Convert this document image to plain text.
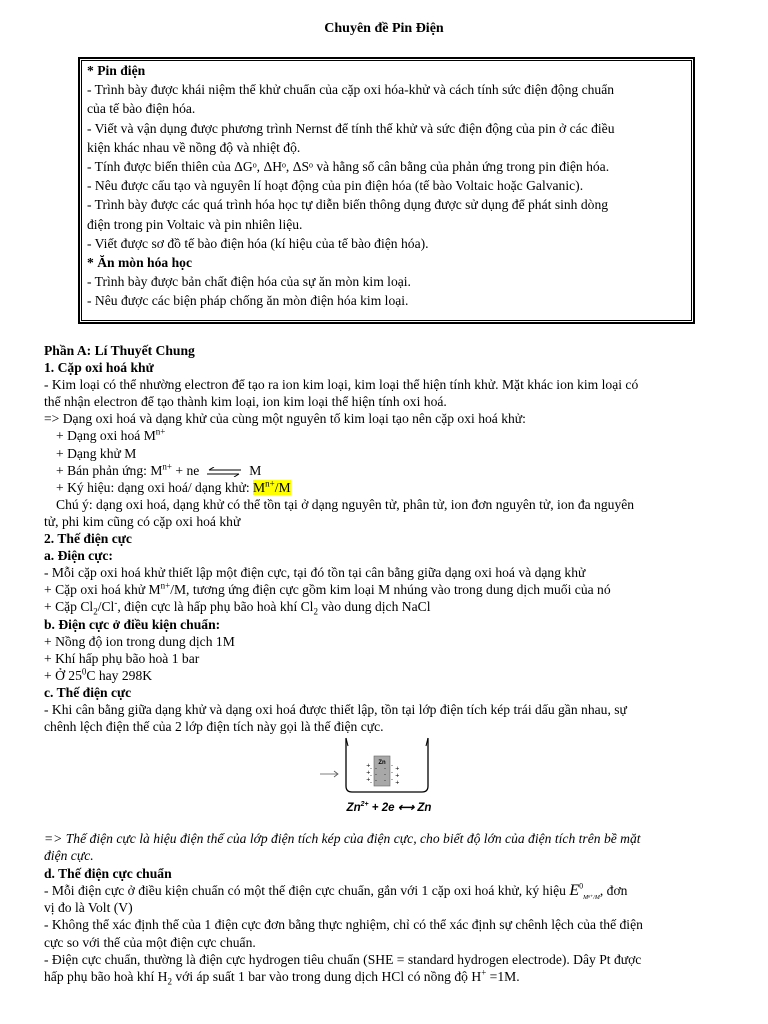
Chuyên đề Pin Điện
* Pin điện
- Trình bày được khái niệm thế khử chuẩn của cặp oxi hóa-khử và cách tính sức điện động chuẩn
của tế bào điện hóa.
- Viết và vận dụng được phương trình Nernst để tính thế khử và sức điện động của pin ở các điều
kiện khác nhau về nồng độ và nhiệt độ.
- Tính được biến thiên của ΔGᵒ, ΔHᵒ, ΔSᵒ và hằng số cân bằng của phản ứng trong pin điện hóa.
- Nêu được cấu tạo và nguyên lí hoạt động của pin điện hóa (tế bào Voltaic hoặc Galvanic).
- Trình bày được các quá trình hóa học tự diễn biến thông dụng được sử dụng để phát sinh dòng
điện trong pin Voltaic và pin nhiên liệu.
- Viết được sơ đồ tế bào điện hóa (kí hiệu của tế bào điện hóa).
* Ăn mòn hóa học
- Trình bày được bản chất điện hóa của sự ăn mòn kim loại.
- Nêu được các biện pháp chống ăn mòn điện hóa kim loại.
Phần A: Lí Thuyết Chung
1. Cặp oxi hoá khử
- Kim loại có thể nhường electron để tạo ra ion kim loại, kim loại thể hiện tính khử. Mặt khác ion kim loại có
thể nhận electron để tạo thành kim loại, ion kim loại thể hiện tính oxi hoá.
=> Dạng oxi hoá và dạng khử của cùng một nguyên tố kim loại tạo nên cặp oxi hoá khử:
+ Dạng oxi hoá $M^{n+}$
+ Dạng khử M
+ Bán phản ứng: $M^{n+}$ + ne ⇌ M
+ Ký hiệu: dạng oxi hoá/ dạng khử: $M^{n+}/M$
Chú ý: dạng oxi hoá, dạng khử có thể tồn tại ở dạng nguyên tử, phân tử, ion đơn nguyên tử, ion đa nguyên
tử, phi kim cũng có cặp oxi hoá khử
2. Thế điện cực
a. Điện cực:
- Mỗi cặp oxi hoá khử thiết lập một điện cực, tại đó tồn tại cân bằng giữa dạng oxi hoá và dạng khử
+ Cặp oxi hoá khử $M^{n+}/M$, tương ứng điện cực gồm kim loại M nhúng vào trong dung dịch muối của nó
+ Cặp $Cl_2/Cl^-$, điện cực là hấp phụ bão hoà khí $Cl_2$ vào dung dịch NaCl
b. Điện cực ở điều kiện chuẩn:
+ Nồng độ ion trong dung dịch 1M
+ Khí hấp phụ bão hoà 1 bar
+ Ở $25^0C$ hay 298K
c. Thế điện cực
- Khi cân bằng giữa dạng khử và dạng oxi hoá được thiết lập, tồn tại lớp điện tích kép trái dấu gần nhau, sự
chênh lệch điện thế của 2 lớp điện tích này gọi là thế điện cực.
Zn
+
+
+
-
-
-
-
-
-
+
+
+
-
-
-
-
-
-
$Zn^{2+} + 2e$ ⟷ Zn
=> Thế điện cực là hiệu điện thế của lớp điện tích kép của điện cực, cho biết độ lớn của điện tích trên bề mặt
điện cực.
d. Thế điện cực chuẩn
- Mỗi điện cực ở điều kiện chuẩn có một thế điện cực chuẩn, gắn với 1 cặp oxi hoá khử, ký hiệu $E^0_{M^{n+}/M}$, đơn
vị đo là Volt (V)
- Không thể xác định thế của 1 điện cực đơn bằng thực nghiệm, chỉ có thể xác định sự chênh lệch của thế điện
cực so với thế của một điện cực chuẩn.
- Điện cực chuẩn, thường là điện cực hydrogen tiêu chuẩn (SHE = standard hydrogen electrode). Dây Pt được
hấp phụ bão hoà khí $H_2$ với áp suất 1 bar vào trong dung dịch HCl có nồng độ H+ =1M.
